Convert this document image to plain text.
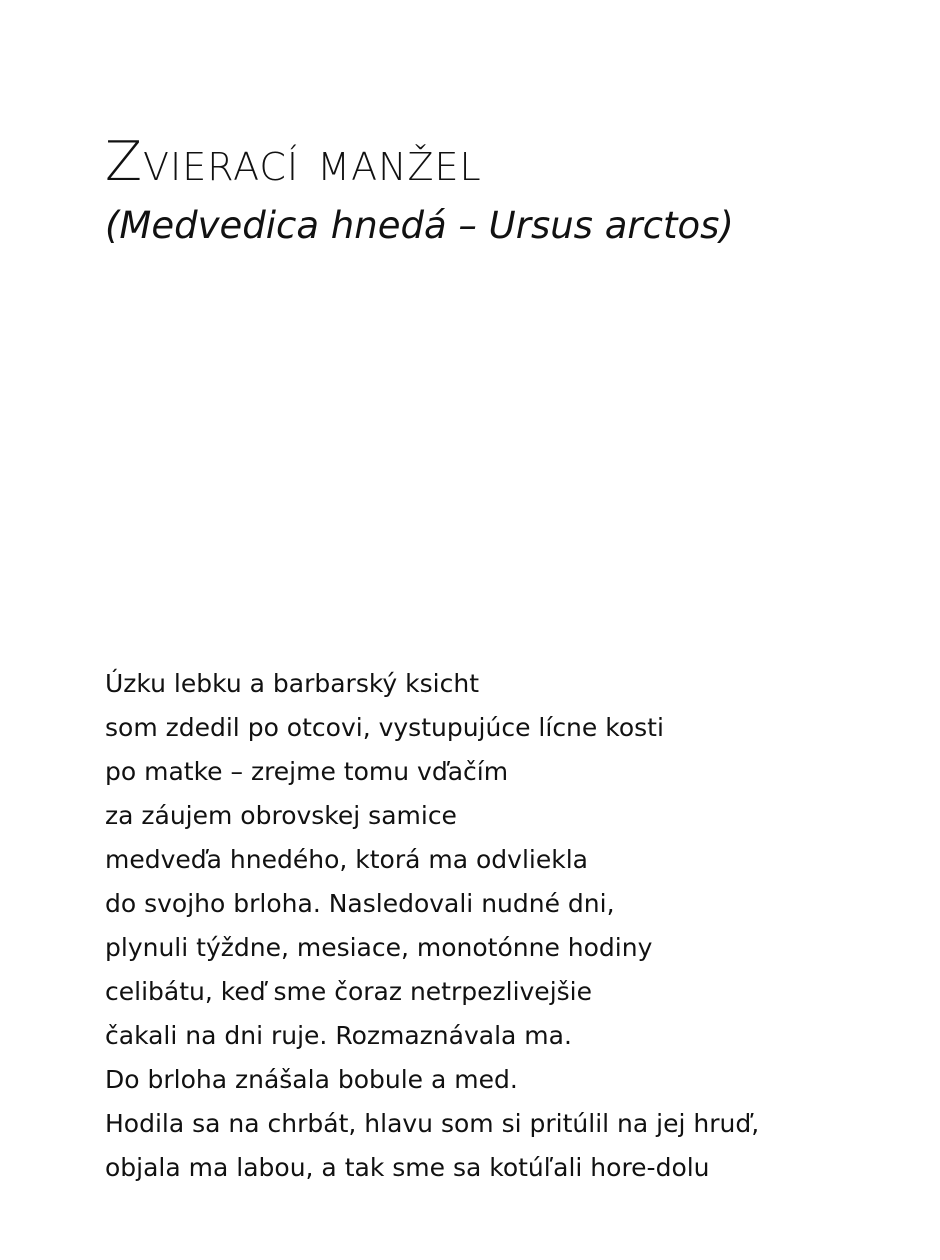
Zvierací manžel
(Medvedica hnedá – Ursus arctos)
Úzku lebku a barbarský ksicht
som zdedil po otcovi, vystupujúce lícne kosti
po matke – zrejme tomu vďačím
za záujem obrovskej samice
medveďa hnedého, ktorá ma odvliekla
do svojho brloha. Nasledovali nudné dni,
plynuli týždne, mesiace, monotónne hodiny
celibátu, keď sme čoraz netrpezlivejšie
čakali na dni ruje. Rozmaznávala ma.
Do brloha znášala bobule a med.
Hodila sa na chrbát, hlavu som si pritúlil na jej hruď,
objala ma labou, a tak sme sa kotúľali hore-dolu
